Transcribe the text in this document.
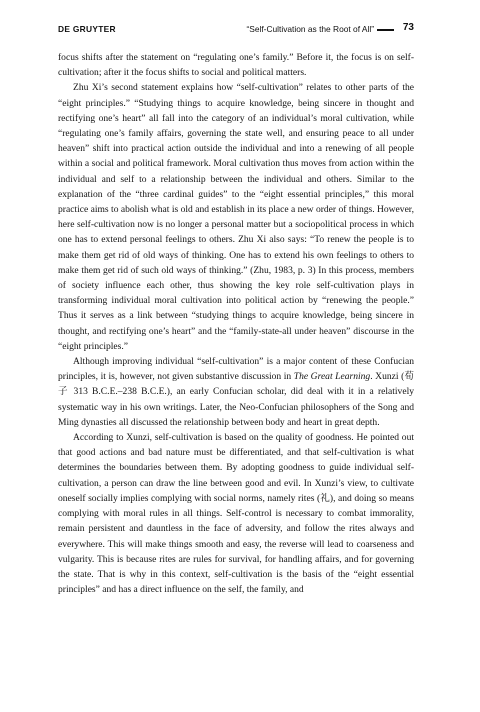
DE GRUYTER	“Self-Cultivation as the Root of All”	73

focus shifts after the statement on “regulating one’s family.” Before it, the focus is on self-cultivation; after it the focus shifts to social and political matters.

Zhu Xi’s second statement explains how “self-cultivation” relates to other parts of the “eight principles.” “Studying things to acquire knowledge, being sincere in thought and rectifying one’s heart” all fall into the category of an individual’s moral cultivation, while “regulating one’s family affairs, governing the state well, and ensuring peace to all under heaven” shift into practical action outside the individual and into a renewing of all people within a social and political framework. Moral cultivation thus moves from action within the individual and self to a relationship between the individual and others. Similar to the explanation of the “three cardinal guides” to the “eight essential principles,” this moral practice aims to abolish what is old and establish in its place a new order of things. However, here self-cultivation now is no longer a personal matter but a sociopolitical process in which one has to extend personal feelings to others. Zhu Xi also says: “To renew the people is to make them get rid of old ways of thinking. One has to extend his own feelings to others to make them get rid of such old ways of thinking.” (Zhu, 1983, p. 3) In this process, members of society influence each other, thus showing the key role self-cultivation plays in transforming individual moral cultivation into political action by “renewing the people.” Thus it serves as a link between “studying things to acquire knowledge, being sincere in thought, and rectifying one’s heart” and the “family-state-all under heaven” discourse in the “eight principles.”

Although improving individual “self-cultivation” is a major content of these Confucian principles, it is, however, not given substantive discussion in The Great Learning. Xunzi (荀子 313 B.C.E.–238 B.C.E.), an early Confucian scholar, did deal with it in a relatively systematic way in his own writings. Later, the Neo-Confucian philosophers of the Song and Ming dynasties all discussed the relationship between body and heart in great depth.

According to Xunzi, self-cultivation is based on the quality of goodness. He pointed out that good actions and bad nature must be differentiated, and that self-cultivation is what determines the boundaries between them. By adopting goodness to guide individual self-cultivation, a person can draw the line between good and evil. In Xunzi’s view, to cultivate oneself socially implies complying with social norms, namely rites (礼), and doing so means complying with moral rules in all things. Self-control is necessary to combat immorality, remain persistent and dauntless in the face of adversity, and follow the rites always and everywhere. This will make things smooth and easy, the reverse will lead to coarseness and vulgarity. This is because rites are rules for survival, for handling affairs, and for governing the state. That is why in this context, self-cultivation is the basis of the “eight essential principles” and has a direct influence on the self, the family, and
